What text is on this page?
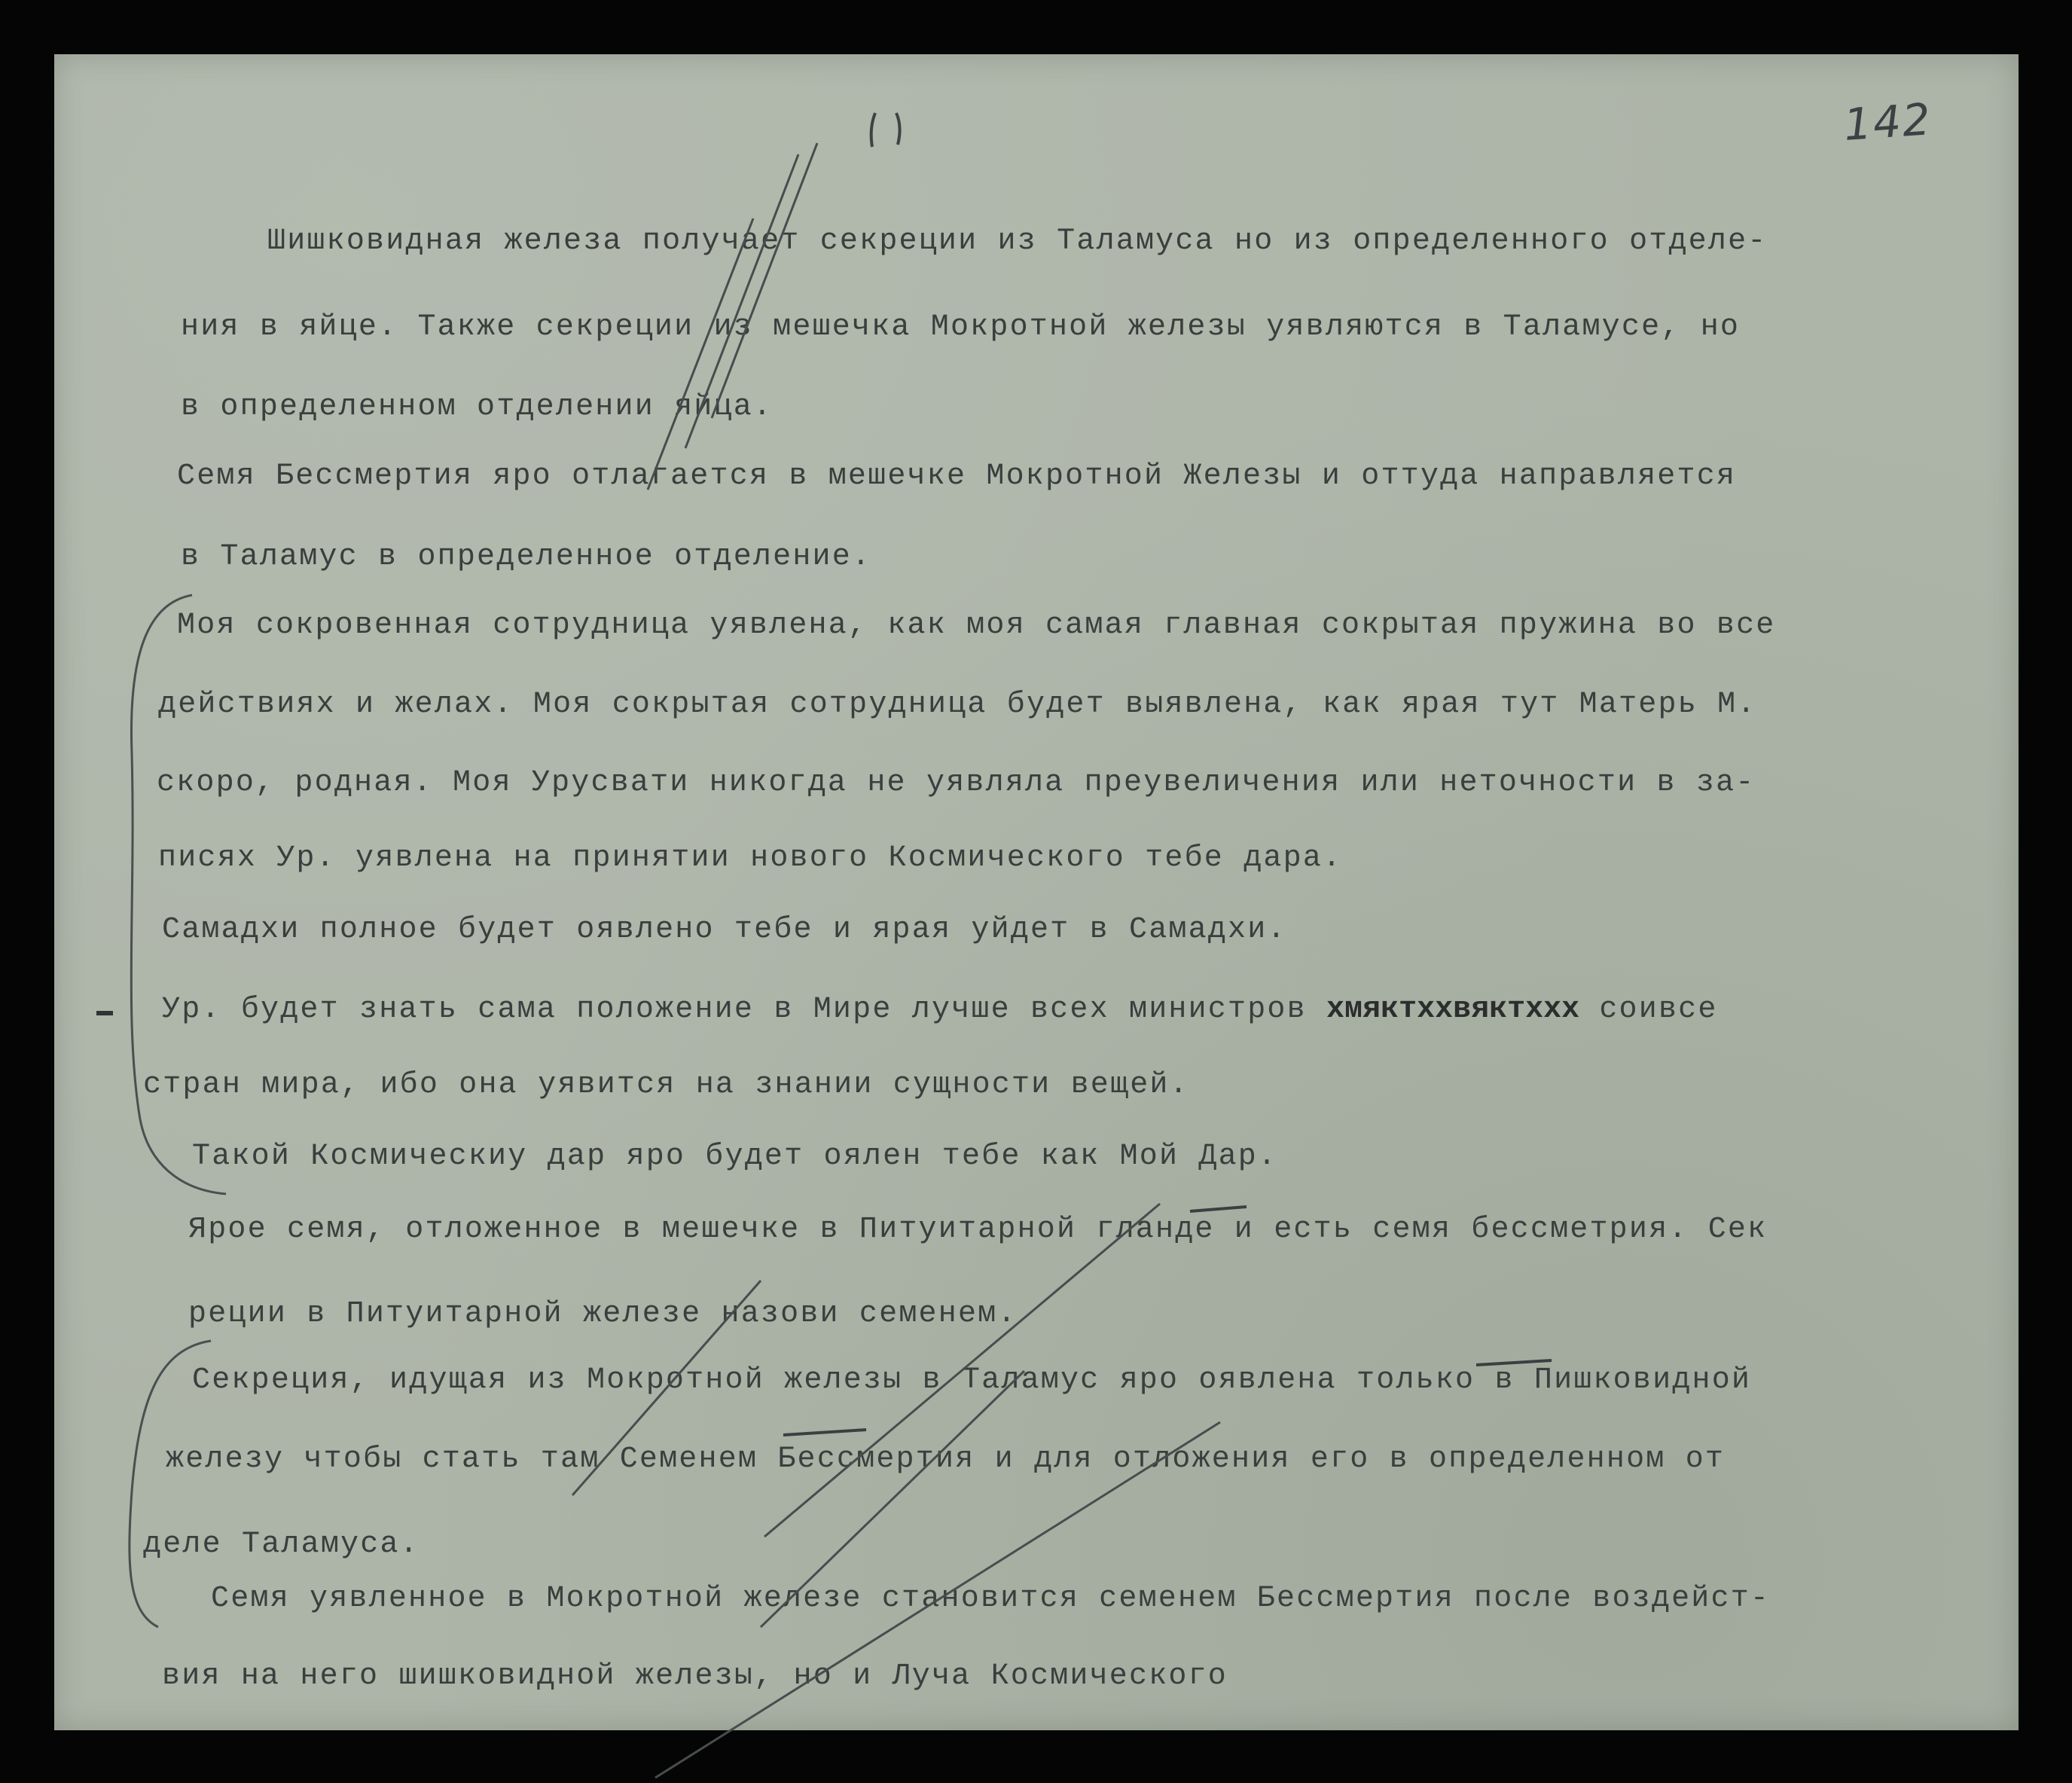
142
Шишковидная железа получает секреции из Таламуса но из определенного отделе-
ния в яйце. Также секреции из мешечка Мокротной железы уявляются в Таламусе, но
в определенном отделении яйца.
Семя Бессмертия яро отлагается в мешечке Мокротной Железы и оттуда направляется
в Таламус в определенное отделение.
Моя сокровенная сотрудница уявлена, как моя самая главная сокрытая пружина во все
действиях и желах. Моя сокрытая сотрудница будет выявлена, как ярая тут Матерь М.
скоро, родная. Моя Урусвати никогда не уявляла преувеличения или неточности в за-
писях Ур. уявлена на принятии нового Космического тебе дара.
Самадхи полное будет оявлено тебе и ярая уйдет в Самадхи.
Ур. будет знать сама положение в Мире лучше всех министров хмяктххвяктххх соивсе
стран мира, ибо она уявится на знании сущности вещей.
Такой Космическиу дар яро будет оялен тебе как Мой Дар.
Ярое семя, отложенное в мешечке в Питуитарной гланде и есть семя бессметрия. Сек
реции в Питуитарной железе назови семенем.
Секреция, идущая из Мокротной железы в Таламус яро оявлена только в Пишковидной
железу чтобы стать там Семенем Бессмертия и для отложения его в определенном от
деле Таламуса.
Семя уявленное в Мокротной железе становится семенем Бессмертия после воздейст-
вия на него шишковидной железы, но и Луча Космического
